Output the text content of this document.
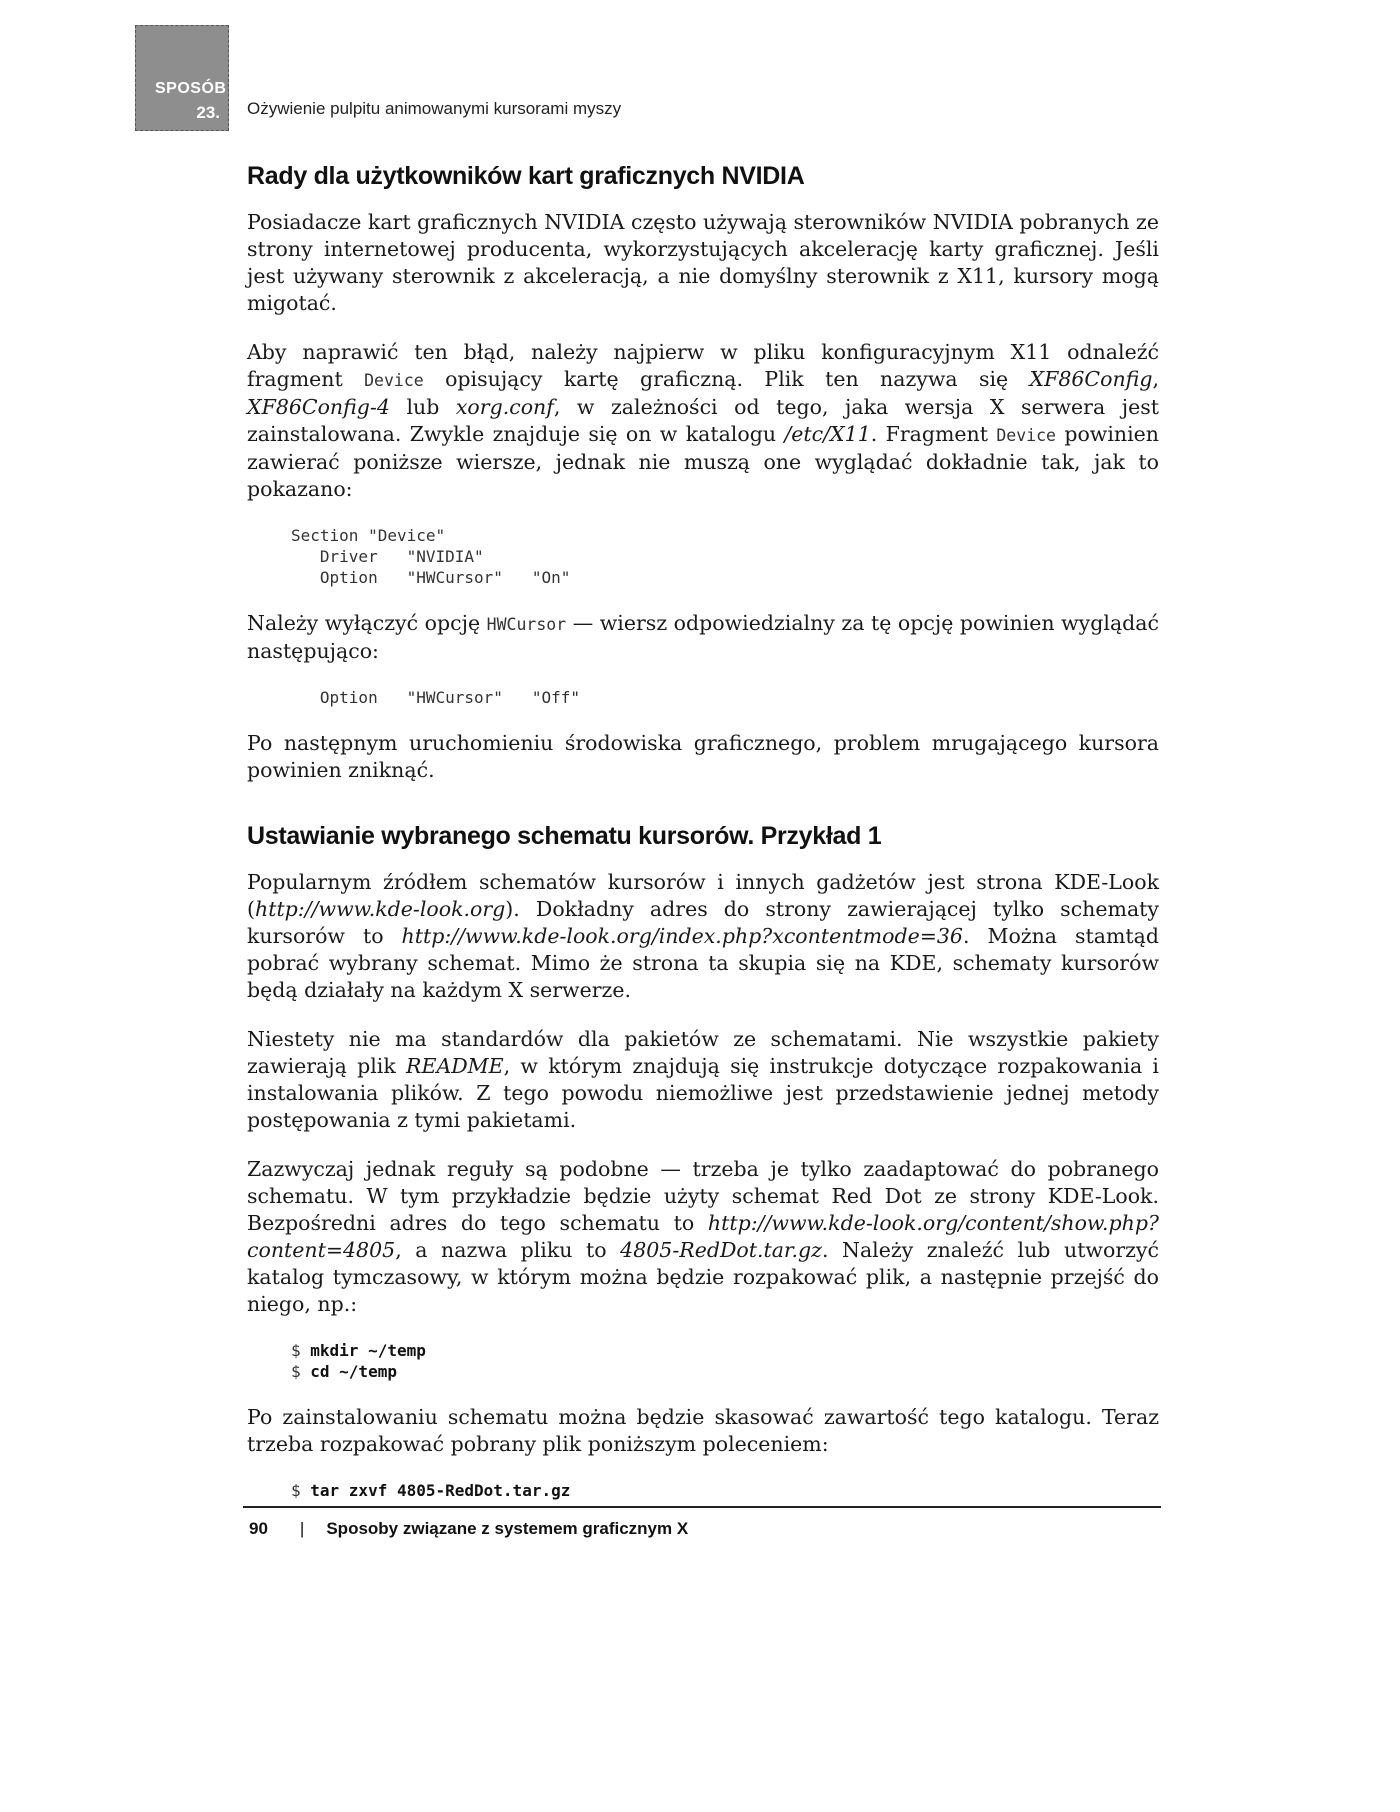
SPOSÓB
23. Ożywienie pulpitu animowanymi kursorami myszy
Rady dla użytkowników kart graficznych NVIDIA

Posiadacze kart graficznych NVIDIA często używają sterowników NVIDIA pobranych ze strony internetowej producenta, wykorzystujących akcelerację karty graficznej. Jeśli jest używany sterownik z akceleracją, a nie domyślny sterownik z X11, kursory mogą migotać.

Aby naprawić ten błąd, należy najpierw w pliku konfiguracyjnym X11 odnaleźć fragment Device opisujący kartę graficzną. Plik ten nazywa się XF86Config, XF86Config-4 lub xorg.conf, w zależności od tego, jaka wersja X serwera jest zainstalowana. Zwykle znajduje się on w katalogu /etc/X11. Fragment Device powinien zawierać poniższe wiersze, jednak nie muszą one wyglądać dokładnie tak, jak to pokazano:

Section "Device"
Driver   "NVIDIA"
Option   "HWCursor"   "On"

Należy wyłączyć opcję HWCursor — wiersz odpowiedzialny za tę opcję powinien wyglądać następująco:

Option   "HWCursor"   "Off"

Po następnym uruchomieniu środowiska graficznego, problem mrugającego kursora powinien zniknąć.

Ustawianie wybranego schematu kursorów. Przykład 1

Popularnym źródłem schematów kursorów i innych gadżetów jest strona KDE-Look (http://www.kde-look.org). Dokładny adres do strony zawierającej tylko schematy kursorów to http://www.kde-look.org/index.php?xcontentmode=36. Można stamtąd pobrać wybrany schemat. Mimo że strona ta skupia się na KDE, schematy kursorów będą działały na każdym X serwerze.

Niestety nie ma standardów dla pakietów ze schematami. Nie wszystkie pakiety zawierają plik README, w którym znajdują się instrukcje dotyczące rozpakowania i instalowania plików. Z tego powodu niemożliwe jest przedstawienie jednej metody postępowania z tymi pakietami.

Zazwyczaj jednak reguły są podobne — trzeba je tylko zaadaptować do pobranego schematu. W tym przykładzie będzie użyty schemat Red Dot ze strony KDE-Look. Bezpośredni adres do tego schematu to http://www.kde-look.org/content/show.php?content=4805, a nazwa pliku to 4805-RedDot.tar.gz. Należy znaleźć lub utworzyć katalog tymczasowy, w którym można będzie rozpakować plik, a następnie przejść do niego, np.:

$ mkdir ~/temp
$ cd ~/temp

Po zainstalowaniu schematu można będzie skasować zawartość tego katalogu. Teraz trzeba rozpakować pobrany plik poniższym poleceniem:

$ tar zxvf 4805-RedDot.tar.gz
90 | Sposoby związane z systemem graficznym X
